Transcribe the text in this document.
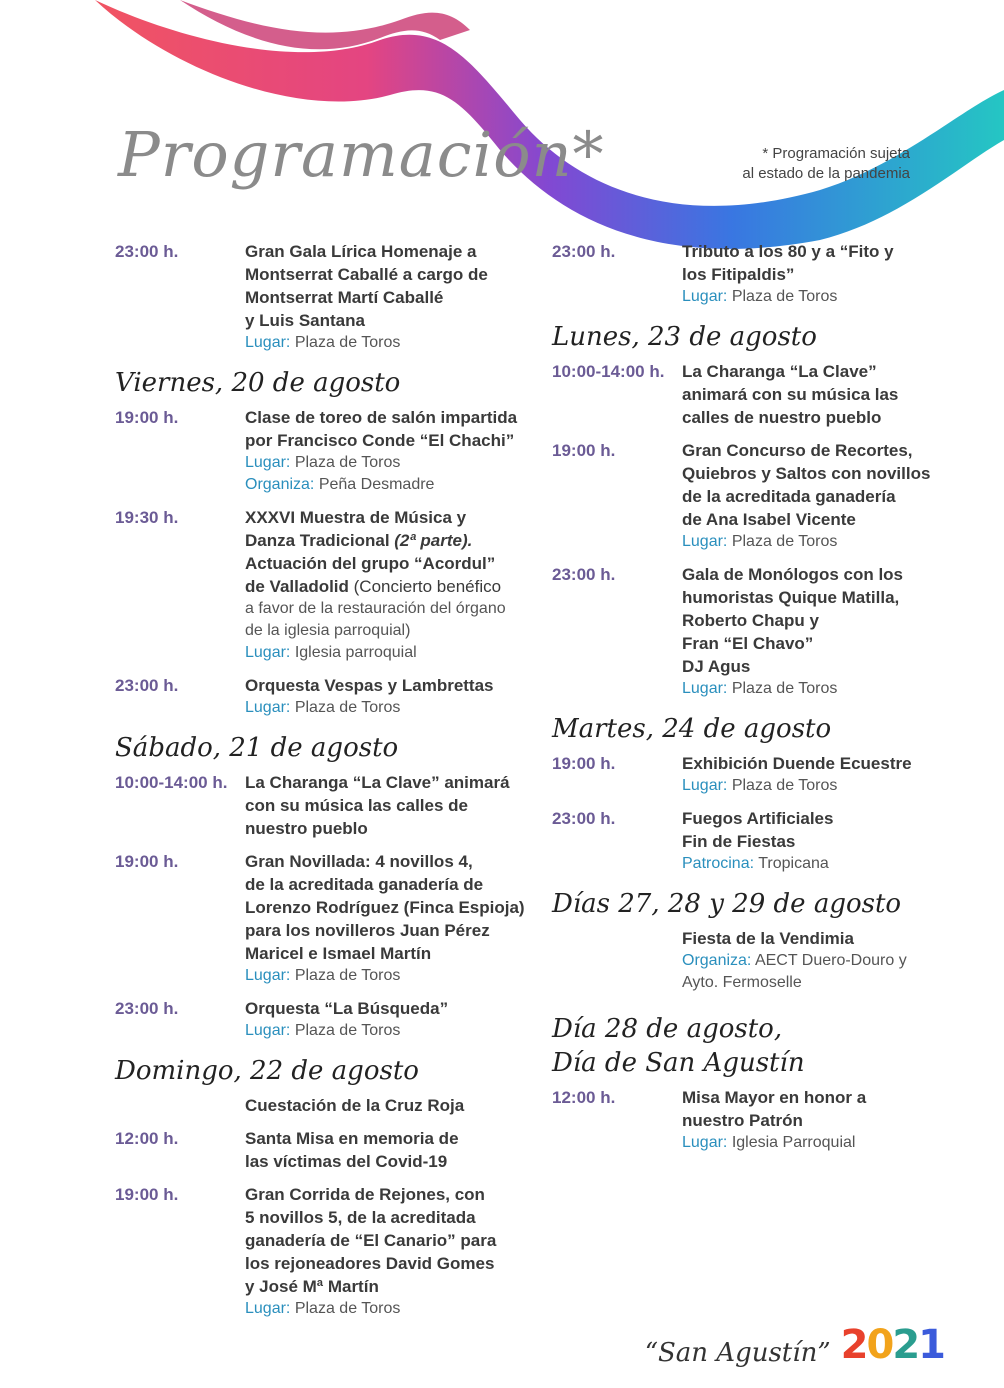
Programación*	* Programación sujeta
al estado de la pandemia
23:00 h.	Gran Gala Lírica Homenaje a
Montserrat Caballé a cargo de
Montserrat Martí Caballé
y Luis Santana
Lugar: Plaza de Toros
Viernes, 20 de agosto
19:00 h.	Clase de toreo de salón impartida
por Francisco Conde “El Chachi”
Lugar: Plaza de Toros
Organiza: Peña Desmadre
19:30 h.	XXXVI Muestra de Música y
Danza Tradicional (2ª parte).
Actuación del grupo “Acordul”
de Valladolid (Concierto benéfico
a favor de la restauración del órgano
de la iglesia parroquial)
Lugar: Iglesia parroquial
23:00 h.	Orquesta Vespas y Lambrettas
Lugar: Plaza de Toros
Sábado, 21 de agosto
10:00-14:00 h.	La Charanga “La Clave” animará
con su música las calles de
nuestro pueblo
19:00 h.	Gran Novillada: 4 novillos 4,
de la acreditada ganadería de
Lorenzo Rodríguez (Finca Espioja)
para los novilleros Juan Pérez
Maricel e Ismael Martín
Lugar: Plaza de Toros
23:00 h.	Orquesta “La Búsqueda”
Lugar: Plaza de Toros
Domingo, 22 de agosto
Cuestación de la Cruz Roja
12:00 h.	Santa Misa en memoria de
las víctimas del Covid-19
19:00 h.	Gran Corrida de Rejones, con
5 novillos 5, de la acreditada
ganadería de “El Canario” para
los rejoneadores David Gomes
y José Mª Martín
Lugar: Plaza de Toros
23:00 h.	Tributo a los 80 y a “Fito y
los Fitipaldis”
Lugar: Plaza de Toros
Lunes, 23 de agosto
10:00-14:00 h.	La Charanga “La Clave”
animará con su música las
calles de nuestro pueblo
19:00 h.	Gran Concurso de Recortes,
Quiebros y Saltos con novillos
de la acreditada ganadería
de Ana Isabel Vicente
Lugar: Plaza de Toros
23:00 h.	Gala de Monólogos con los
humoristas Quique Matilla,
Roberto Chapu y
Fran “El Chavo”
DJ Agus
Lugar: Plaza de Toros
Martes, 24 de agosto
19:00 h.	Exhibición Duende Ecuestre
Lugar: Plaza de Toros
23:00 h.	Fuegos Artificiales
Fin de Fiestas
Patrocina: Tropicana
Días 27, 28 y 29 de agosto
Fiesta de la Vendimia
Organiza: AECT Duero-Douro y
Ayto. Fermoselle
Día 28 de agosto,
Día de San Agustín
12:00 h.	Misa Mayor en honor a
nuestro Patrón
Lugar: Iglesia Parroquial
“San Agustín” 2021
